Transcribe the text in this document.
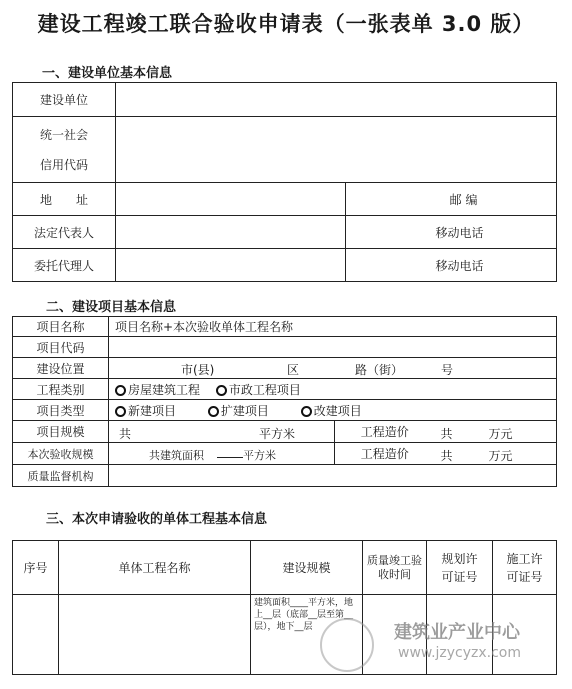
建设工程竣工联合验收申请表（一张表单 3.0 版）
一、建设单位基本信息
建设单位			

统一社会
信用代码			

地　　址		邮 编	
法定代表人		移动电话	
委托代理人		移动电话	
二、建设项目基本信息
项目名称	项目名称+本次验收单体工程名称		
项目代码			
建设位置	市(县) 区 路（街） 号		

工程类别	房屋建筑工程 市政工程项目		
项目类型	新建项目 扩建项目 改建项目		
项目规模	共 平方米	工程造价	共 万元

本次验收规模	共建筑面积 平方米	工程造价	共 万元

质量监督机构			
三、本次申请验收的单体工程基本信息
序号	单体工程名称	建设规模	质量竣工验收时间	规划许可证号	施工许可证号
		建筑面积____平方米，地上__层（底部__层至第__层），地下__层				建筑业产业中心
www.jzycyzx.com
